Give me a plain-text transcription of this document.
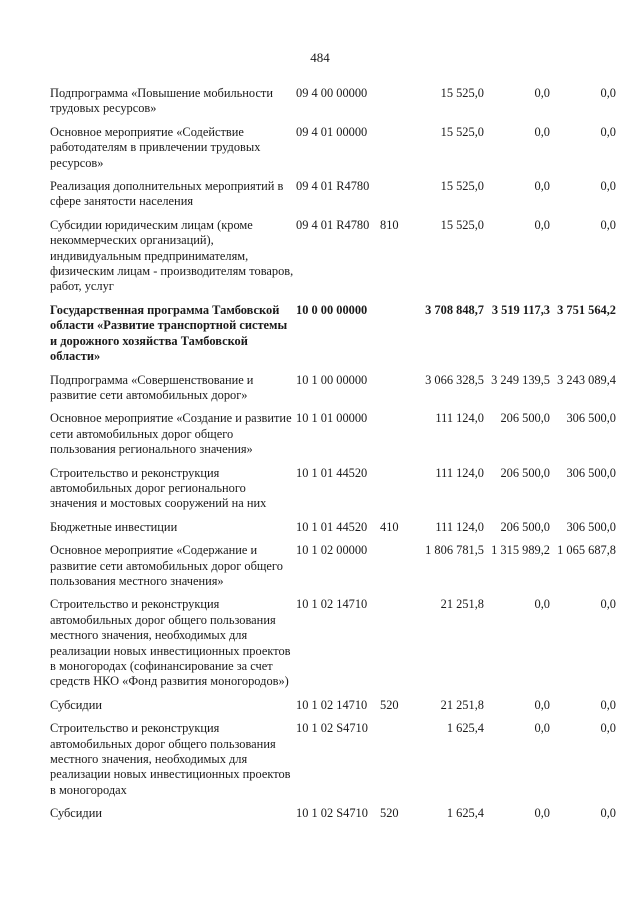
484
Подпрограмма «Повышение мобильности трудовых ресурсов»	09 4 00 00000		15 525,0	0,0	0,0
Основное мероприятие «Содействие работодателям в привлечении трудовых ресурсов»	09 4 01 00000		15 525,0	0,0	0,0
Реализация дополнительных мероприятий в сфере занятости населения	09 4 01 R4780		15 525,0	0,0	0,0
Субсидии юридическим лицам (кроме некоммерческих организаций), индивидуальным предпринимателям, физическим лицам - производителям товаров, работ, услуг	09 4 01 R4780	810	15 525,0	0,0	0,0
Государственная программа Тамбовской области «Развитие транспортной системы и дорожного хозяйства Тамбовской области»	10 0 00 00000		3 708 848,7	3 519 117,3	3 751 564,2
Подпрограмма «Совершенствование и развитие сети автомобильных дорог»	10 1 00 00000		3 066 328,5	3 249 139,5	3 243 089,4
Основное мероприятие «Создание и развитие сети автомобильных дорог общего пользования регионального значения»	10 1 01 00000		111 124,0	206 500,0	306 500,0
Строительство и реконструкция автомобильных дорог регионального значения и мостовых сооружений на них	10 1 01 44520		111 124,0	206 500,0	306 500,0
Бюджетные инвестиции	10 1 01 44520	410	111 124,0	206 500,0	306 500,0
Основное мероприятие «Содержание и развитие сети автомобильных дорог общего пользования местного значения»	10 1 02 00000		1 806 781,5	1 315 989,2	1 065 687,8
Строительство и реконструкция автомобильных дорог общего пользования местного значения, необходимых для реализации новых инвестиционных проектов в моногородах (софинансирование за счет средств НКО «Фонд развития моногородов»)	10 1 02 14710		21 251,8	0,0	0,0
Субсидии	10 1 02 14710	520	21 251,8	0,0	0,0
Строительство и реконструкция автомобильных дорог общего пользования местного значения, необходимых для реализации новых инвестиционных проектов в моногородах	10 1 02 S4710		1 625,4	0,0	0,0
Субсидии	10 1 02 S4710	520	1 625,4	0,0	0,0
